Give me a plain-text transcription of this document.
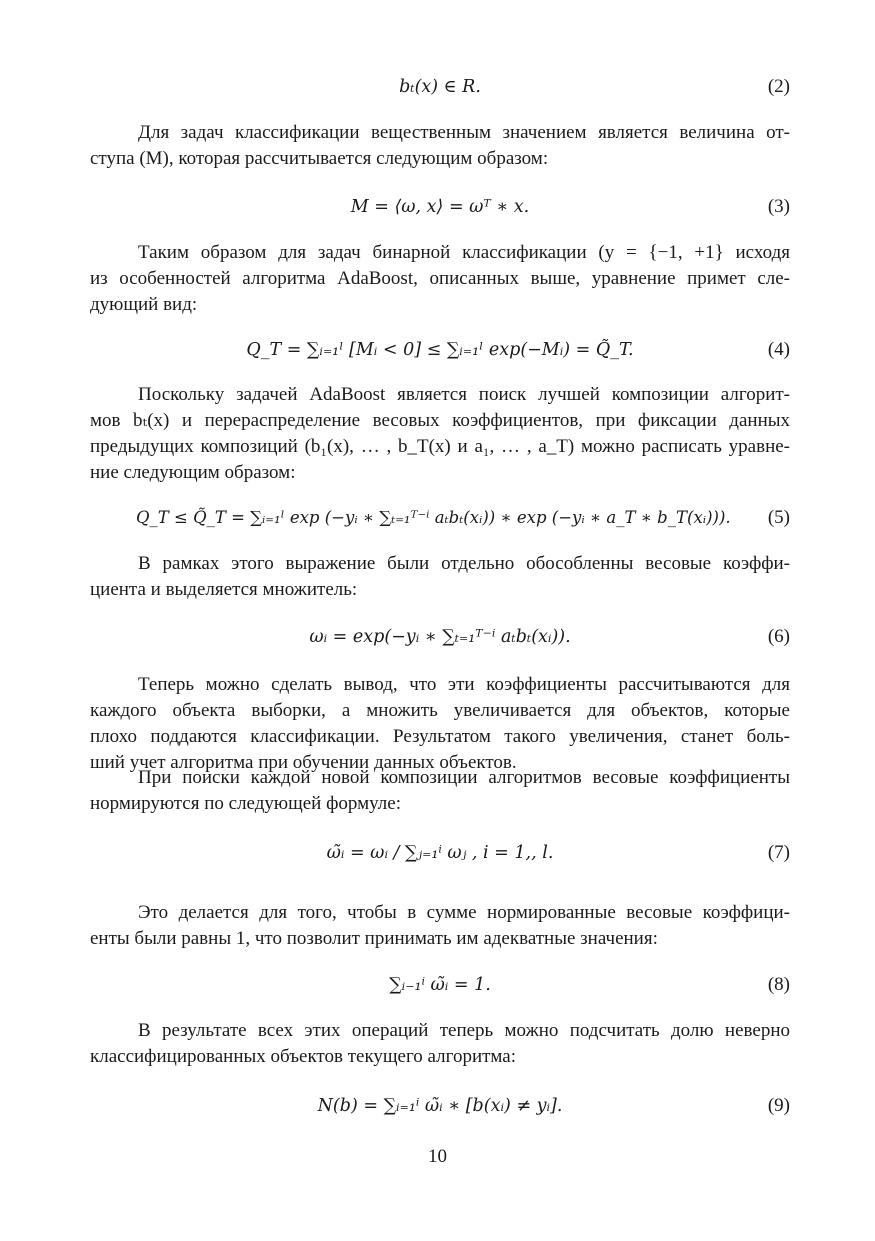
bₜ(x) ∈ R.	(2)
Для задач классификации вещественным значением является величина от-
ступа (M), которая рассчитывается следующим образом:
M = ⟨ω, x⟩ = ωᵀ ∗ x.	(3)
Таким образом для задач бинарной классификации (y = {−1, +1} исходя
из особенностей алгоритма AdaBoost, описанных выше, уравнение примет сле-
дующий вид:
Q_T = ∑ᵢ₌₁ˡ [Mᵢ < 0] ≤ ∑ᵢ₌₁ˡ exp(−Mᵢ) = Q̃_T.	(4)
Поскольку задачей AdaBoost является поиск лучшей композиции алгорит-
мов bₜ(x) и перераспределение весовых коэффициентов, при фиксации данных
предыдущих композиций (b₁(x), … , b_T(x) и a₁, … , a_T) можно расписать уравне-
ние следующим образом:
Q_T ≤ Q̃_T = ∑ᵢ₌₁ˡ exp (−yᵢ ∗ ∑ₜ₌₁ᵀ⁻ⁱ aₜbₜ(xᵢ)) ∗ exp (−yᵢ ∗ a_T ∗ b_T(xᵢ))).	(5)
В рамках этого выражение были отдельно обособленны весовые коэффи-
циента и выделяется множитель:
ωᵢ = exp(−yᵢ ∗ ∑ₜ₌₁ᵀ⁻ⁱ aₜbₜ(xᵢ)).	(6)
Теперь можно сделать вывод, что эти коэффициенты рассчитываются для
каждого объекта выборки, а множить увеличивается для объектов, которые
плохо поддаются классификации. Результатом такого увеличения, станет боль-
ший учет алгоритма при обучении данных объектов.
При поиски каждой новой композиции алгоритмов весовые коэффициенты
нормируются по следующей формуле:
ω̃ᵢ = ωᵢ / ∑ⱼ₌₁ⁱ ωⱼ , i = 1,, l.	(7)
Это делается для того, чтобы в сумме нормированные весовые коэффици-
енты были равны 1, что позволит принимать им адекватные значения:
∑ᵢ₋₁ⁱ ω̃ᵢ = 1.	(8)
В результате всех этих операций теперь можно подсчитать долю неверно
классифицированных объектов текущего алгоритма:
N(b) = ∑ᵢ₌₁ⁱ ω̃ᵢ ∗ [b(xᵢ) ≠ yᵢ].	(9)
10
